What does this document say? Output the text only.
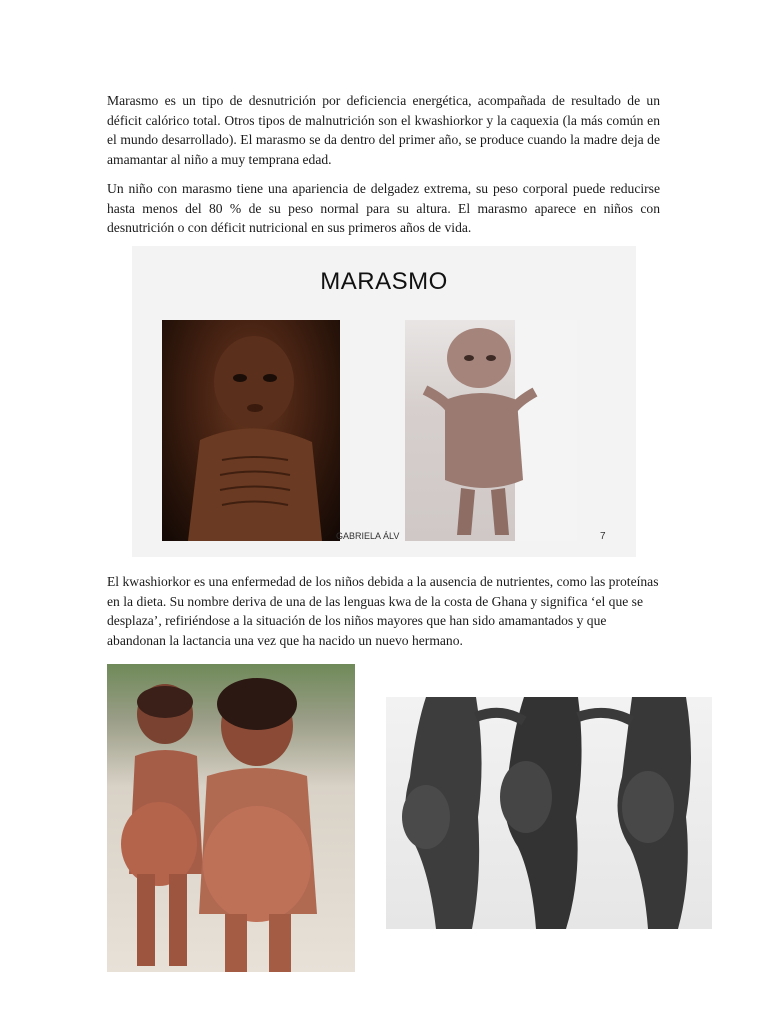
Marasmo es un tipo de desnutrición por deficiencia energética, acompañada de resultado de un déficit calórico total. Otros tipos de malnutrición son el kwashiorkor y la caquexia (la más común en el mundo desarrollado). El marasmo se da dentro del primer año, se produce cuando la madre deja de amamantar al niño a muy temprana edad.

Un niño con marasmo tiene una apariencia de delgadez extrema, su peso corporal puede reducirse hasta menos del 80 % de su peso normal para su altura. El marasmo aparece en niños con desnutrición o con déficit nutricional en sus primeros años de vida.

MARASMO
GABRIELA ÁLV	7

El kwashiorkor es una enfermedad de los niños debida a la ausencia de nutrientes, como las proteínas en la dieta. Su nombre deriva de una de las lenguas kwa de la costa de Ghana y significa ‘el que se desplaza’, refiriéndose a la situación de los niños mayores que han sido amamantados y que abandonan la lactancia una vez que ha nacido un nuevo hermano.
